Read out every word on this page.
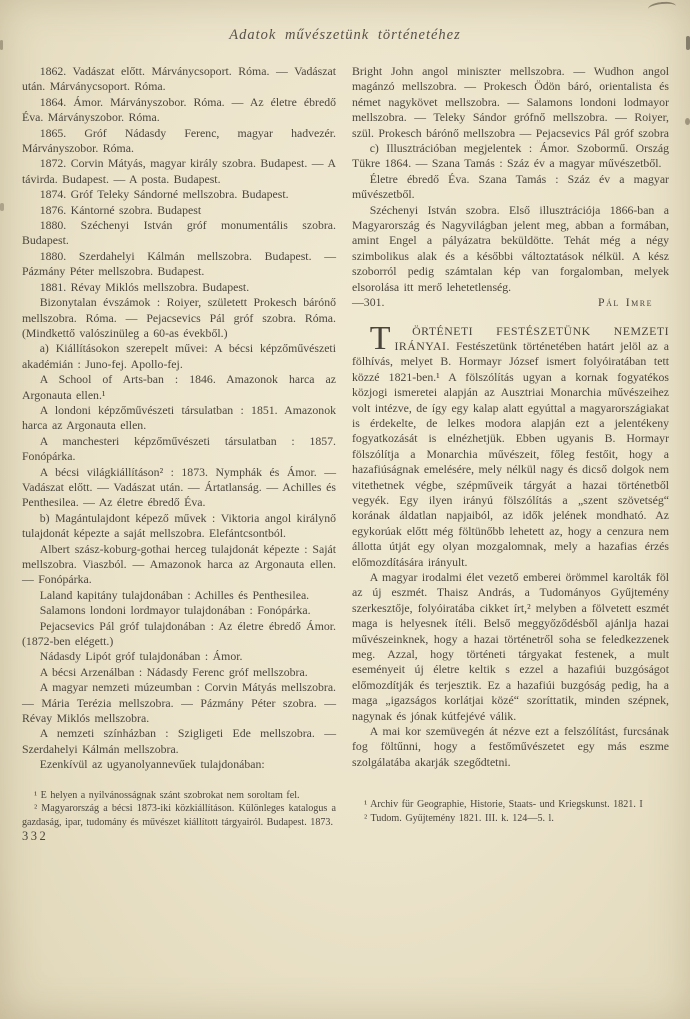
Adatok művészetünk történetéhez

1862. Vadászat előtt. Márványcsoport. Róma. — Vadászat után. Márványcsoport. Róma.

1864. Ámor. Márványszobor. Róma. — Az életre ébredő Éva. Márványszobor. Róma.

1865. Gróf Nádasdy Ferenc, magyar hadvezér. Márványszobor. Róma.

1872. Corvin Mátyás, magyar király szobra. Budapest. — A távirda. Budapest. — A posta. Budapest.

1874. Gróf Teleky Sándorné mellszobra. Budapest.

1876. Kántorné szobra. Budapest

1880. Széchenyi István gróf monumentális szobra. Budapest.

1880. Szerdahelyi Kálmán mellszobra. Budapest. — Pázmány Péter mellszobra. Budapest.

1881. Révay Miklós mellszobra. Budapest.

Bizonytalan évszámok : Roiyer, született Prokesch bárónő mellszobra. Róma. — Pejacsevics Pál gróf szobra. Róma. (Mindkettő valószinüleg a 60-as évekből.)

a) Kiállításokon szerepelt művei: A bécsi képzőművészeti akadémián : Juno-fej. Apollo-fej.

A School of Arts-ban : 1846. Amazonok harca az Argonauta ellen.¹

A londoni képzőművészeti társulatban : 1851. Amazonok harca az Argonauta ellen.

A manchesteri képzőművészeti társulatban : 1857. Fonópárka.

A bécsi világkiállításon² : 1873. Nymphák és Ámor. — Vadászat előtt. — Vadászat után. — Ártatlanság. — Achilles és Penthesilea. — Az életre ébredő Éva.

b) Magántulajdont képező művek : Viktoria angol királynő tulajdonát képezte a saját mellszobra. Elefántcsontból.

Albert szász-koburg-gothai herceg tulajdonát képezte : Saját mellszobra. Viaszból. — Amazonok harca az Argonauta ellen. — Fonópárka.

Laland kapitány tulajdonában : Achilles és Penthesilea.

Salamons londoni lordmayor tulajdonában : Fonópárka.

Pejacsevics Pál gróf tulajdonában : Az életre ébredő Ámor. (1872-ben elégett.)

Nádasdy Lipót gróf tulajdonában : Ámor.

A bécsi Arzenálban : Nádasdy Ferenc gróf mellszobra.

A magyar nemzeti múzeumban : Corvin Mátyás mellszobra. — Mária Terézia mellszobra. — Pázmány Péter szobra. — Révay Miklós mellszobra.

A nemzeti színházban : Szigligeti Ede mellszobra. — Szerdahelyi Kálmán mellszobra.

Ezenkívül az ugyanolyannevűek tulajdonában:

¹ E helyen a nyilvánosságnak szánt szobrokat nem soroltam fel.

² Magyarország a bécsi 1873-iki közkiállításon. Különleges katalogus a gazdaság, ipar, tudomány és művészet kiállított tárgyairól. Budapest. 1873.

332

Bright John angol miniszter mellszobra. — Wudhon angol magánzó mellszobra. — Prokesch Ödön báró, orientalista és német nagykövet mellszobra. — Salamons londoni lodmayor mellszobra. — Teleky Sándor grófnő mellszobra. — Roiyer, szül. Prokesch bárónő mellszobra — Pejacsevics Pál gróf szobra

c) Illusztrációban megjelentek : Ámor. Szobormű. Ország Tükre 1864. — Szana Tamás : Száz év a magyar művészetből.

Életre ébredő Éva. Szana Tamás : Száz év a magyar művészetből.

Széchenyi István szobra. Első illusztrációja 1866-ban a Magyarország és Nagyvilágban jelent meg, abban a formában, amint Engel a pályázatra beküldötte. Tehát még a négy szimbolikus alak és a későbbi változtatások nélkül. A kész szoborról pedig számtalan kép van forgalomban, melyek elsorolása itt merő lehetetlenség.

—301.	Pál Imre

T	ÖRTÉNETI FESTÉSZETÜNK NEMZETI IRÁNYAI. Festészetünk történetében határt jelöl az a fölhívás, melyet B. Hormayr József ismert folyóiratában tett közzé 1821-ben.¹ A fölszólítás ugyan a kornak fogyatékos közjogi ismeretei alapján az Ausztriai Monarchia művészeihez volt intézve, de így egy kalap alatt egyúttal a magyarországiakat is érdekelte, de lelkes modora alapján ezt a jelentékeny fogyatkozását is elnézhetjük. Ebben ugyanis B. Hormayr fölszólítja a Monarchia művészeit, főleg festőit, hogy a hazafiúságnak emelésére, mely nélkül nagy és dicső dolgok nem vitethetnek végbe, szépműveik tárgyát a hazai történetből vegyék. Egy ilyen irányú fölszólítás a „szent szövetség“ korának áldatlan napjaiból, az idők jelének mondható. Az egykorúak előtt még föltünőbb lehetett az, hogy a cenzura nem állotta útját egy olyan mozgalomnak, mely a hazafias érzés előmozdítására irányult.

A magyar irodalmi élet vezető emberei örömmel karolták föl az új eszmét. Thaisz András, a Tudományos Gyűjtemény szerkesztője, folyóiratába cikket írt,² melyben a fölvetett eszmét maga is helyesnek ítéli. Belső meggyőződésből ajánlja hazai művészeinknek, hogy a hazai történetről soha se feledkezzenek meg. Azzal, hogy történeti tárgyakat festenek, a mult eseményeit új életre keltik s ezzel a hazafiúi buzgóságot előmozdítják és terjesztik. Ez a hazafiúi buzgóság pedig, ha a maga „igazságos korlátjai közé“ szoríttatik, minden szépnek, nagynak és jónak kútfejévé válik.

A mai kor szemüvegén át nézve ezt a felszólítást, furcsának fog föltűnni, hogy a festőművészetet egy más eszme szolgálatába akarják szegődtetni.

¹ Archiv für Geographie, Historie, Staats- und Kriegskunst. 1821. I

² Tudom. Gyűjtemény 1821. III. k. 124—5. l.
